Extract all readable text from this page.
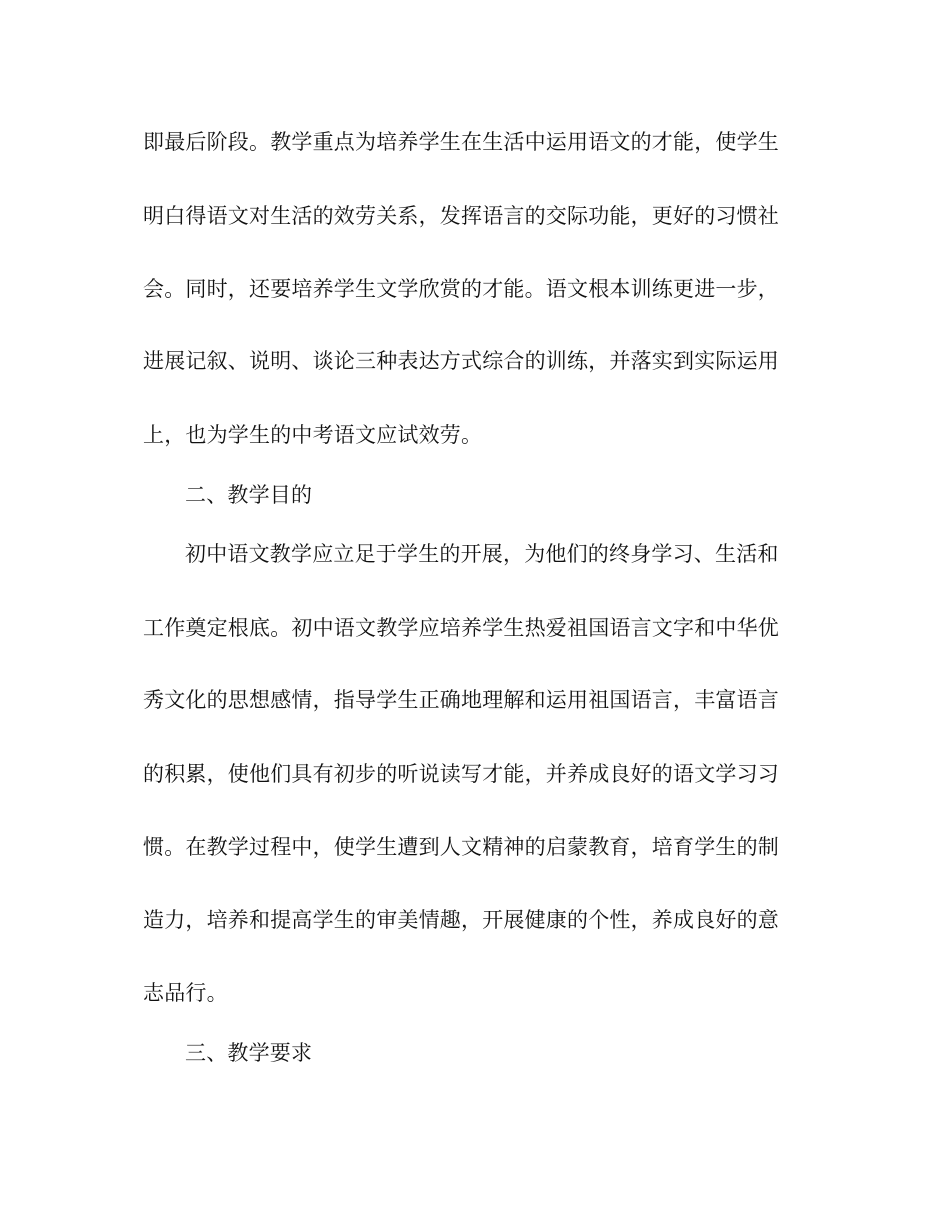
即最后阶段。教学重点为培养学生在生活中运用语文的才能，使学生
明白得语文对生活的效劳关系，发挥语言的交际功能，更好的习惯社
会。同时，还要培养学生文学欣赏的才能。语文根本训练更进一步，
进展记叙、说明、谈论三种表达方式综合的训练，并落实到实际运用
上，也为学生的中考语文应试效劳。
二、教学目的
初中语文教学应立足于学生的开展，为他们的终身学习、生活和
工作奠定根底。初中语文教学应培养学生热爱祖国语言文字和中华优
秀文化的思想感情，指导学生正确地理解和运用祖国语言，丰富语言
的积累，使他们具有初步的听说读写才能，并养成良好的语文学习习
惯。在教学过程中，使学生遭到人文精神的启蒙教育，培育学生的制
造力，培养和提高学生的审美情趣，开展健康的个性，养成良好的意
志品行。
三、教学要求
